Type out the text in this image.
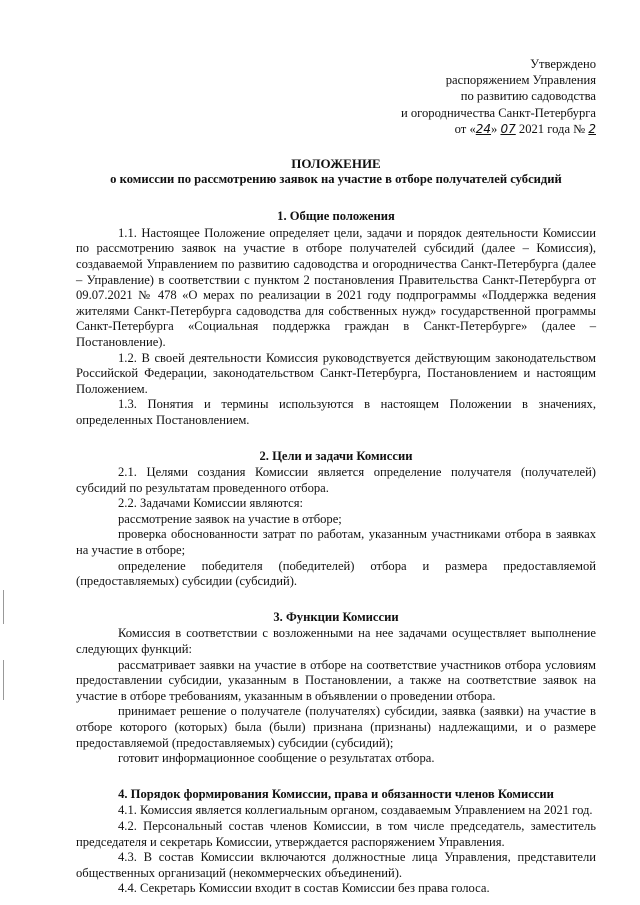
Утверждено
распоряжением Управления
по развитию садоводства
и огородничества Санкт-Петербурга
от «24» 07 2021 года № 2
ПОЛОЖЕНИЕ
о комиссии по рассмотрению заявок на участие в отборе получателей субсидий
1. Общие положения

1.1. Настоящее Положение определяет цели, задачи и порядок деятельности Комиссии по рассмотрению заявок на участие в отборе получателей субсидий (далее – Комиссия), создаваемой Управлением по развитию садоводства и огородничества Санкт-Петербурга (далее – Управление) в соответствии с пунктом 2 постановления Правительства Санкт-Петербурга от 09.07.2021 № 478 «О мерах по реализации в 2021 году подпрограммы «Поддержка ведения жителями Санкт-Петербурга садоводства для собственных нужд» государственной программы Санкт-Петербурга «Социальная поддержка граждан в Санкт-Петербурге» (далее – Постановление).

1.2. В своей деятельности Комиссия руководствуется действующим законодательством Российской Федерации, законодательством Санкт-Петербурга, Постановлением и настоящим Положением.

1.3. Понятия и термины используются в настоящем Положении в значениях, определенных Постановлением.

2. Цели и задачи Комиссии

2.1. Целями создания Комиссии является определение получателя (получателей) субсидий по результатам проведенного отбора.

2.2. Задачами Комиссии являются:

рассмотрение заявок на участие в отборе;

проверка обоснованности затрат по работам, указанным участниками отбора в заявках на участие в отборе;

определение победителя (победителей) отбора и размера предоставляемой (предоставляемых) субсидии (субсидий).

3. Функции Комиссии

Комиссия в соответствии с возложенными на нее задачами осуществляет выполнение следующих функций:

рассматривает заявки на участие в отборе на соответствие участников отбора условиям предоставлении субсидии, указанным в Постановлении, а также на соответствие заявок на участие в отборе требованиям, указанным в объявлении о проведении отбора.

принимает решение о получателе (получателях) субсидии, заявка (заявки) на участие в отборе которого (которых) была (были) признана (признаны) надлежащими, и о размере предоставляемой (предоставляемых) субсидии (субсидий);

готовит информационное сообщение о результатах отбора.

4. Порядок формирования Комиссии, права и обязанности членов Комиссии

4.1. Комиссия является коллегиальным органом, создаваемым Управлением на 2021 год.

4.2. Персональный состав членов Комиссии, в том числе председатель, заместитель председателя и секретарь Комиссии, утверждается распоряжением Управления.

4.3. В состав Комиссии включаются должностные лица Управления, представители общественных организаций (некоммерческих объединений).

4.4. Секретарь Комиссии входит в состав Комиссии без права голоса.
